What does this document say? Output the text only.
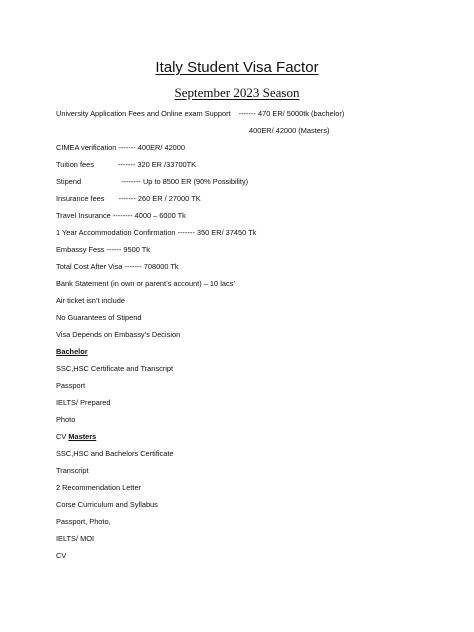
Italy Student Visa Factor
September 2023 Season
University Application Fees and Online exam Support ------- 470 ER/ 5000tk (bachelor)
400ER/ 42000 (Masters)
CIMEA verification ------- 400ER/ 42000
Tuition fees	------- 320 ER /33700TK
Stipend	-------- Up to 8500 ER (90% Possibility)
Insurance fees ------- 260 ER / 27000 TK
Travel Insurance -------- 4000 – 6000 Tk
1 Year Accommodation Confirmation ------- 350 ER/ 37450 Tk
Embassy Fess ------ 9500 Tk
Total Cost After Visa ------- 708000 Tk
Bank Statement (in own or parent’s account) – 10 lacs’
Air ticket isn’t include
No Guarantees of Stipend
Visa Depends on Embassy’s Decision
Bachelor
SSC,HSC Certificate and Transcript
Passport
IELTS/ Prepared
Photo
CV Masters
SSC,HSC and Bachelors Certificate
Transcript
2 Recommendation Letter
Corse Curriculum and Syllabus
Passport, Photo,
IELTS/ MOI
CV
